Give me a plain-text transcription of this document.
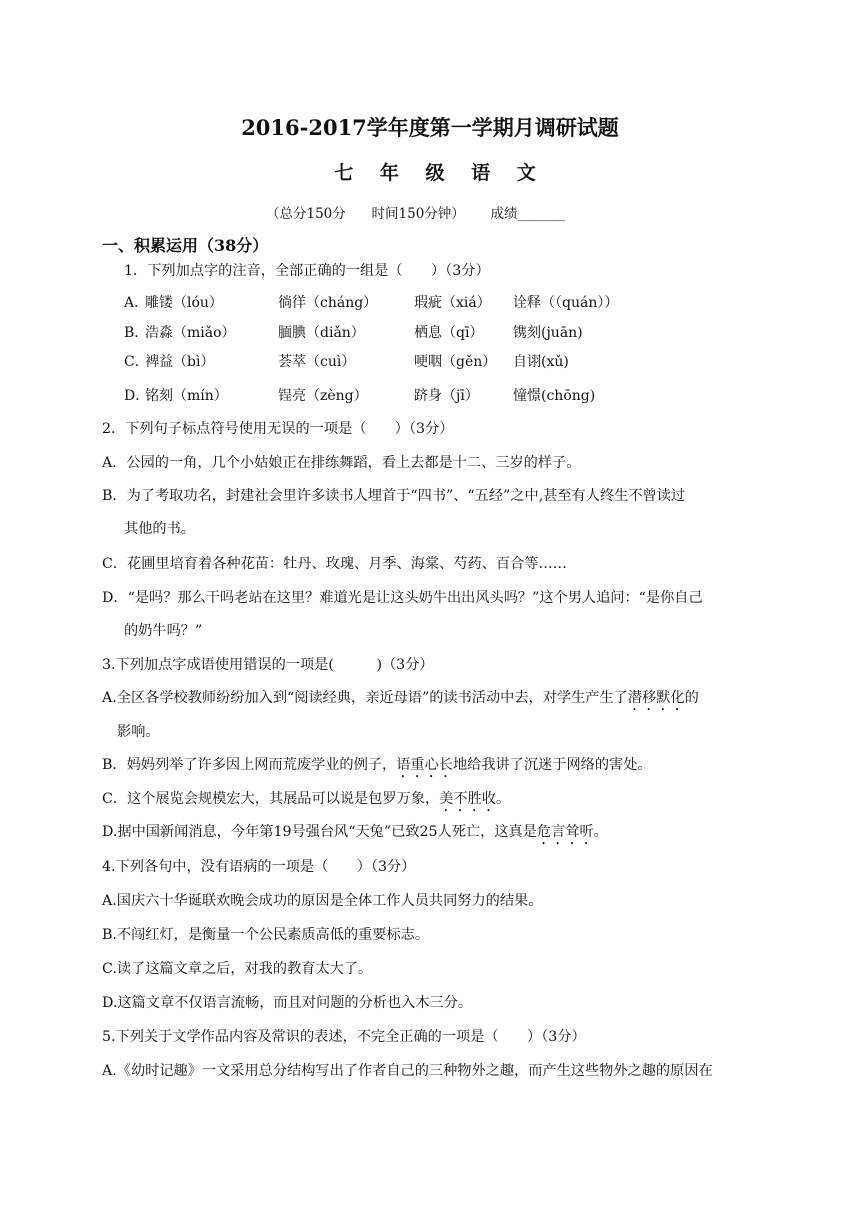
2016-2017学年度第一学期月调研试题
七 年 级 语 文
（总分150分      时间150分钟）      成绩_______
一、积累运用（38分）
1．下列加点字的注音，全部正确的一组是（　　）（3分）
A．
雕镂（lóu）	徜徉（cháng）	瑕疵（xiá） 诠释（（quán））
B．
浩淼（miǎo）	腼腆（diǎn）	栖息（qī） 镌刻(juān)
C．
裨益（bì）	荟萃（cuì）	哽咽（gěn） 自诩(xǔ)
D．
铭刻（mín）	锃亮（zèng）	跻身（jī） 憧憬(chōng)
2．下列句子标点符号使用无误的一项是（　　）（3分）
A．公园的一角，几个小姑娘正在排练舞蹈，看上去都是十二、三岁的样子。
B．为了考取功名，封建社会里许多读书人埋首于“四书”、“五经”之中,甚至有人终生不曾读过
其他的书。
C．花圃里培育着各种花苗：牡丹、玫瑰、月季、海棠、芍药、百合等……
D．“是吗？那么干吗老站在这里？难道光是让这头奶牛出出风头吗？”这个男人追问：“是你自己
的奶牛吗？”
3.下列加点字成语使用错误的一项是(　　　)（3分）
A.全区各学校教师纷纷加入到“阅读经典，亲近母语”的读书活动中去，对学生产生了潜移默化的
影响。
B．妈妈列举了许多因上网而荒废学业的例子，语重心长地给我讲了沉迷于网络的害处。
C．这个展览会规模宏大，其展品可以说是包罗万象，美不胜收。
D.据中国新闻消息，今年第19号强台风“天兔”已致25人死亡，这真是危言耸听。
4.下列各句中，没有语病的一项是（　　）（3分）
A.国庆六十华诞联欢晚会成功的原因是全体工作人员共同努力的结果。
B.不闯红灯，是衡量一个公民素质高低的重要标志。
C.读了这篇文章之后，对我的教育太大了。
D.这篇文章不仅语言流畅，而且对问题的分析也入木三分。
5.下列关于文学作品内容及常识的表述，不完全正确的一项是（　　）（3分）
A.《幼时记趣》一文采用总分结构写出了作者自己的三种物外之趣，而产生这些物外之趣的原因在
